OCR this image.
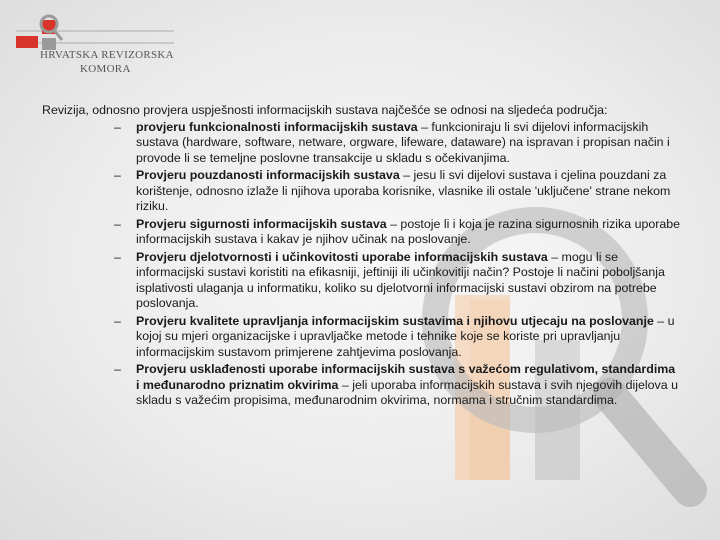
HRVATSKA REVIZORSKA
KOMORA

Revizija, odnosno provjera uspješnosti informacijskih sustava najčešće se odnosi na sljedeća područja:

– provjeru funkcionalnosti informacijskih sustava – funkcioniraju li svi dijelovi informacijskih sustava (hardware, software, netware, orgware, lifeware, dataware) na ispravan i propisan način i provode li se temeljne poslovne transakcije u skladu s očekivanjima.
– Provjeru pouzdanosti informacijskih sustava – jesu li svi dijelovi sustava i cjelina pouzdani za korištenje, odnosno izlaže li njihova uporaba korisnike, vlasnike ili ostale 'uključene' strane nekom riziku.
– Provjeru sigurnosti informacijskih sustava – postoje li i koja je razina sigurnosnih rizika uporabe informacijskih sustava i kakav je njihov učinak na poslovanje.
– Provjeru djelotvornosti i učinkovitosti uporabe informacijskih sustava – mogu li se informacijski sustavi koristiti na efikasniji, jeftiniji ili učinkovitiji način? Postoje li načini poboljšanja isplativosti ulaganja u informatiku, koliko su djelotvorni informacijski sustavi obzirom na potrebe poslovanja.
– Provjeru kvalitete upravljanja informacijskim sustavima i njihovu utjecaju na poslovanje – u kojoj su mjeri organizacijske i upravljačke metode i tehnike koje se koriste pri upravljanju informacijskim sustavom primjerene zahtjevima poslovanja.
– Provjeru usklađenosti uporabe informacijskih sustava s važećom regulativom, standardima i međunarodno priznatim okvirima – jeli uporaba informacijskih sustava i svih njegovih dijelova u skladu s važećim propisima, međunarodnim okvirima, normama i stručnim standardima.
